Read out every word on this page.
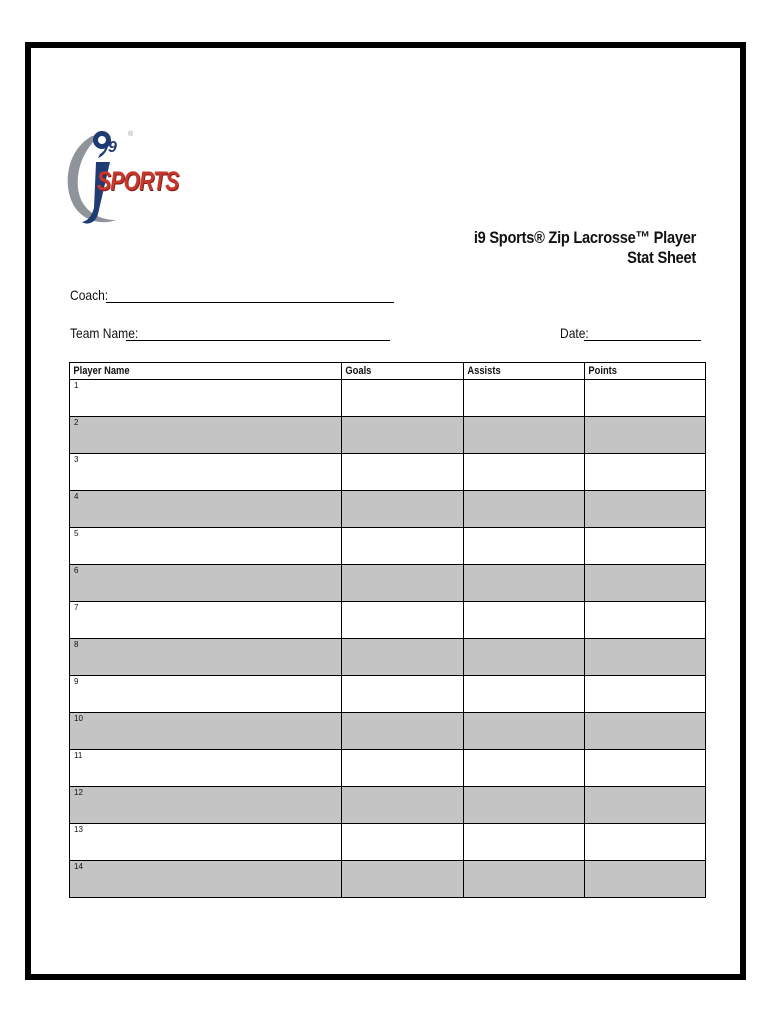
9
®
SPORTS
i9 Sports® Zip Lacrosse™ Player Stat Sheet
Coach:
Team Name:	Date:
Player Name	Goals	Assists	Points

1			

2			

3			

4			

5			

6			

7			

8			

9			

10			

11			

12			

13			

14			
